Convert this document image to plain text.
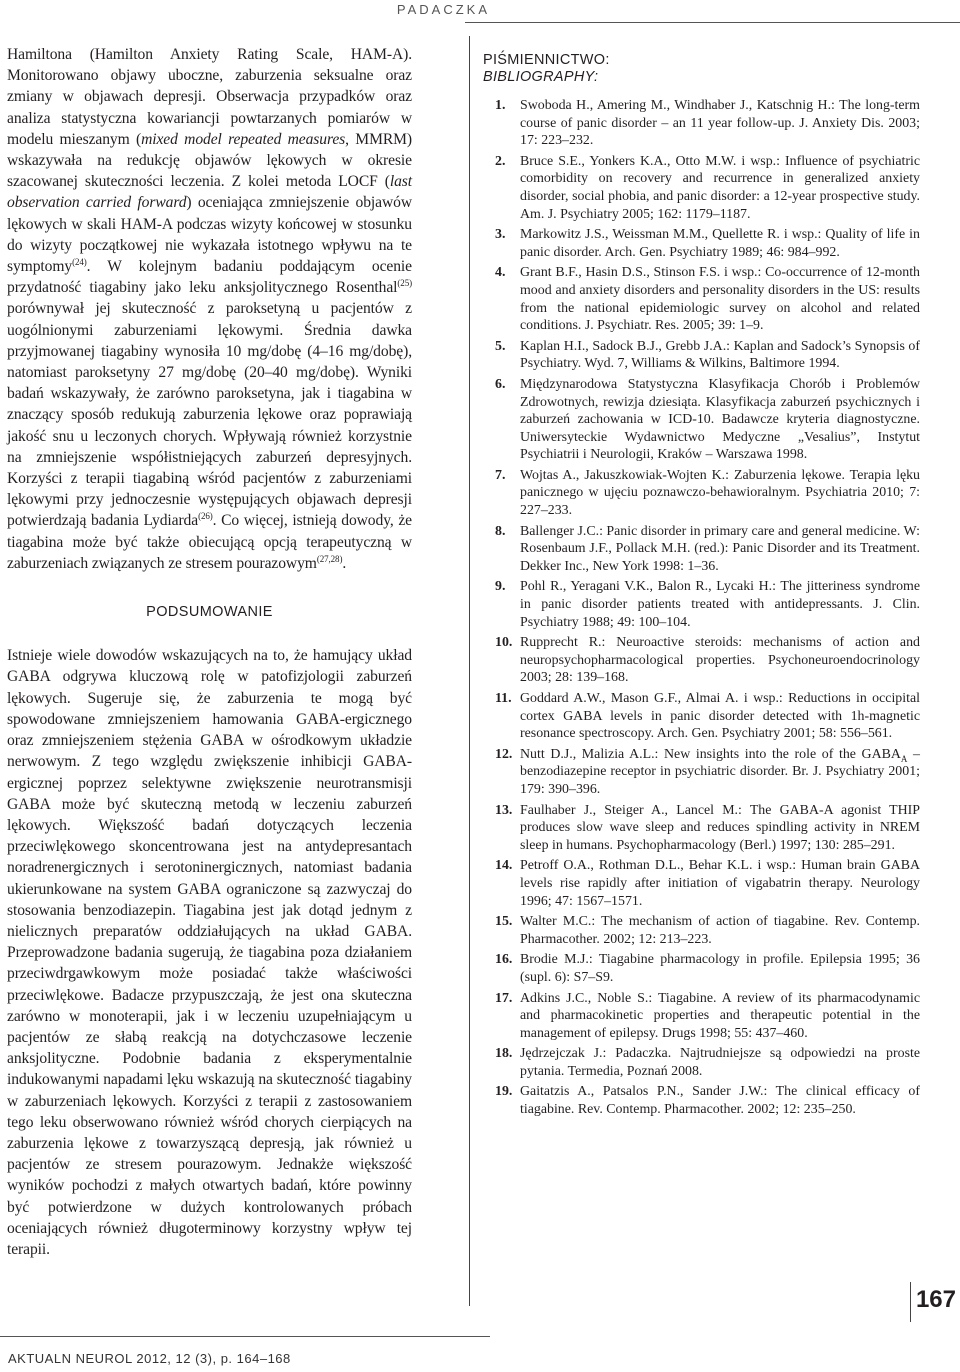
PADACZKA

Hamiltona (Hamilton Anxiety Rating Scale, HAM-A). Monitorowano objawy uboczne, zaburzenia seksualne oraz zmiany w objawach depresji. Obserwacja przypadków oraz analiza statystyczna kowariancji powtarzanych pomiarów w modelu mieszanym (mixed model repeated measures, MMRM) wskazywała na redukcję objawów lękowych w okresie szacowanej skuteczności leczenia. Z kolei metoda LOCF (last observation carried forward) oceniająca zmniejszenie objawów lękowych w skali HAM-A podczas wizyty końcowej w stosunku do wizyty początkowej nie wykazała istotnego wpływu na te symptomy$^{(24)}$. W kolejnym badaniu poddającym ocenie przydatność tiagabiny jako leku anksjolitycznego Rosenthal$^{(25)}$ porównywał jej skuteczność z paroksetyną u pacjentów z uogólnionymi zaburzeniami lękowymi. Średnia dawka przyjmowanej tiagabiny wynosiła 10 mg/dobę (4–16 mg/dobę), natomiast paroksetyny 27 mg/dobę (20–40 mg/dobę). Wyniki badań wskazywały, że zarówno paroksetyna, jak i tiagabina w znaczący sposób redukują zaburzenia lękowe oraz poprawiają jakość snu u leczonych chorych. Wpływają również korzystnie na zmniejszenie współistniejących zaburzeń depresyjnych. Korzyści z terapii tiagabiną wśród pacjentów z zaburzeniami lękowymi przy jednoczesnie występujących objawach depresji potwierdzają badania Lydiarda$^{(26)}$. Co więcej, istnieją dowody, że tiagabina może być także obiecującą opcją terapeutyczną w zaburzeniach związanych ze stresem pourazowym$^{(27,28)}$.

PODSUMOWANIE

Istnieje wiele dowodów wskazujących na to, że hamujący układ GABA odgrywa kluczową rolę w patofizjologii zaburzeń lękowych. Sugeruje się, że zaburzenia te mogą być spowodowane zmniejszeniem hamowania GABA-ergicznego oraz zmniejszeniem stężenia GABA w ośrodkowym układzie nerwowym. Z tego względu zwiększenie inhibicji GABA-ergicznej poprzez selektywne zwiększenie neurotransmisji GABA może być skuteczną metodą w leczeniu zaburzeń lękowych. Większość badań dotyczących leczenia przeciwlękowego skoncentrowana jest na antydepresantach noradrenergicznych i serotoninergicznych, natomiast badania ukierunkowane na system GABA ograniczone są zazwyczaj do stosowania benzodiazepin. Tiagabina jest jak dotąd jednym z nielicznych preparatów oddziałujących na układ GABA. Przeprowadzone badania sugerują, że tiagabina poza działaniem przeciwdrgawkowym może posiadać także właściwości przeciwlękowe. Badacze przypuszczają, że jest ona skuteczna zarówno w monoterapii, jak i w leczeniu uzupełniającym u pacjentów ze słabą reakcją na dotychczasowe leczenie anksjolityczne. Podobnie badania z eksperymentalnie indukowanymi napadami lęku wskazują na skuteczność tiagabiny w zaburzeniach lękowych. Korzyści z terapii z zastosowaniem tego leku obserwowano również wśród chorych cierpiących na zaburzenia lękowe z towarzyszącą depresją, jak również u pacjentów ze stresem pourazowym. Jednakże większość wyników pochodzi z małych otwartych badań, które powinny być potwierdzone w dużych kontrolowanych próbach oceniających również długoterminowy korzystny wpływ tej terapii.

PIŚMIENNICTWO:
BIBLIOGRAPHY:
1.	Swoboda H., Amering M., Windhaber J., Katschnig H.: The long-term course of panic disorder – an 11 year follow-up. J. Anxiety Dis. 2003; 17: 223–232.
2.	Bruce S.E., Yonkers K.A., Otto M.W. i wsp.: Influence of psychiatric comorbidity on recovery and recurrence in generalized anxiety disorder, social phobia, and panic disorder: a 12-year prospective study. Am. J. Psychiatry 2005; 162: 1179–1187.
3.	Markowitz J.S., Weissman M.M., Quellette R. i wsp.: Quality of life in panic disorder. Arch. Gen. Psychiatry 1989; 46: 984–992.
4.	Grant B.F., Hasin D.S., Stinson F.S. i wsp.: Co-occurrence of 12-month mood and anxiety disorders and personality disorders in the US: results from the national epidemiologic survey on alcohol and related conditions. J. Psychiatr. Res. 2005; 39: 1–9.
5.	Kaplan H.I., Sadock B.J., Grebb J.A.: Kaplan and Sadock’s Synopsis of Psychiatry. Wyd. 7, Williams & Wilkins, Baltimore 1994.
6.	Międzynarodowa Statystyczna Klasyfikacja Chorób i Problemów Zdrowotnych, rewizja dziesiąta. Klasyfikacja zaburzeń psychicznych i zaburzeń zachowania w ICD-10. Badawcze kryteria diagnostyczne. Uniwersyteckie Wydawnictwo Medyczne „Vesalius”, Instytut Psychiatrii i Neurologii, Kraków – Warszawa 1998.
7.	Wojtas A., Jakuszkowiak-Wojten K.: Zaburzenia lękowe. Terapia lęku panicznego w ujęciu poznawczo-behawioralnym. Psychiatria 2010; 7: 227–233.
8.	Ballenger J.C.: Panic disorder in primary care and general medicine. W: Rosenbaum J.F., Pollack M.H. (red.): Panic Disorder and its Treatment. Dekker Inc., New York 1998: 1–36.
9.	Pohl R., Yeragani V.K., Balon R., Lycaki H.: The jitteriness syndrome in panic disorder patients treated with antidepressants. J. Clin. Psychiatry 1988; 49: 100–104.
10. Rupprecht R.: Neuroactive steroids: mechanisms of action and neuropsychopharmacological properties. Psychoneuroendocrinology 2003; 28: 139–168.
11. Goddard A.W., Mason G.F., Almai A. i wsp.: Reductions in occipital cortex GABA levels in panic disorder detected with 1h-magnetic resonance spectroscopy. Arch. Gen. Psychiatry 2001; 58: 556–561.
12. Nutt D.J., Malizia A.L.: New insights into the role of the $GABA_A$ – benzodiazepine receptor in psychiatric disorder. Br. J. Psychiatry 2001; 179: 390–396.
13. Faulhaber J., Steiger A., Lancel M.: The GABA-A agonist THIP produces slow wave sleep and reduces spindling activity in NREM sleep in humans. Psychopharmacology (Berl.) 1997; 130: 285–291.
14. Petroff O.A., Rothman D.L., Behar K.L. i wsp.: Human brain GABA levels rise rapidly after initiation of vigabatrin therapy. Neurology 1996; 47: 1567–1571.
15. Walter M.C.: The mechanism of action of tiagabine. Rev. Contemp. Pharmacother. 2002; 12: 213–223.
16. Brodie M.J.: Tiagabine pharmacology in profile. Epilepsia 1995; 36 (supl. 6): S7–S9.
17. Adkins J.C., Noble S.: Tiagabine. A review of its pharmacodynamic and pharmacokinetic properties and therapeutic potential in the management of epilepsy. Drugs 1998; 55: 437–460.
18. Jędrzejczak J.: Padaczka. Najtrudniejsze są odpowiedzi na proste pytania. Termedia, Poznań 2008.
19. Gaitatzis A., Patsalos P.N., Sander J.W.: The clinical efficacy of tiagabine. Rev. Contemp. Pharmacother. 2002; 12: 235–250.
167
AKTUALN NEUROL 2012, 12 (3), p. 164–168
